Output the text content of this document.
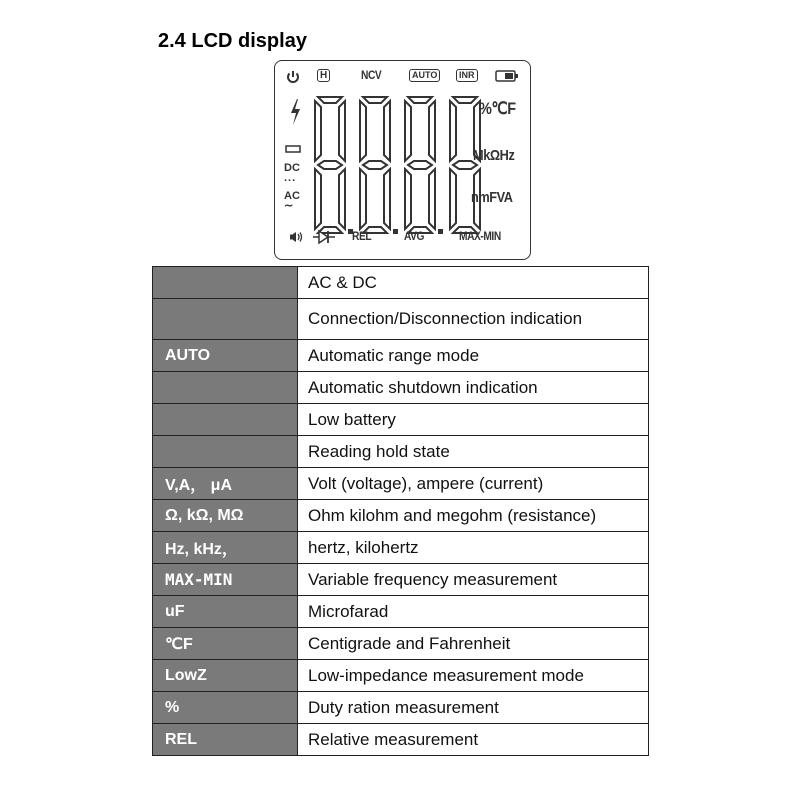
2.4 LCD display
H	NCV	AUTO	INR
DC
...
AC
∼
%℃F
MkΩHz
nmFVA
REL	AVG	MAX-MIN
	AC & DC
	Connection/Disconnection indication
AUTO	Automatic range mode
	Automatic shutdown indication
	Low battery
	Reading hold state
V,A， μA	Volt (voltage), ampere (current)
Ω, kΩ, MΩ	Ohm kilohm and megohm (resistance)
Hz, kHz，	hertz, kilohertz
MAX-MIN	Variable frequency measurement
uF	Microfarad
℃F	Centigrade and Fahrenheit
LowZ	Low-impedance measurement mode
%	Duty ration measurement
REL	Relative measurement
